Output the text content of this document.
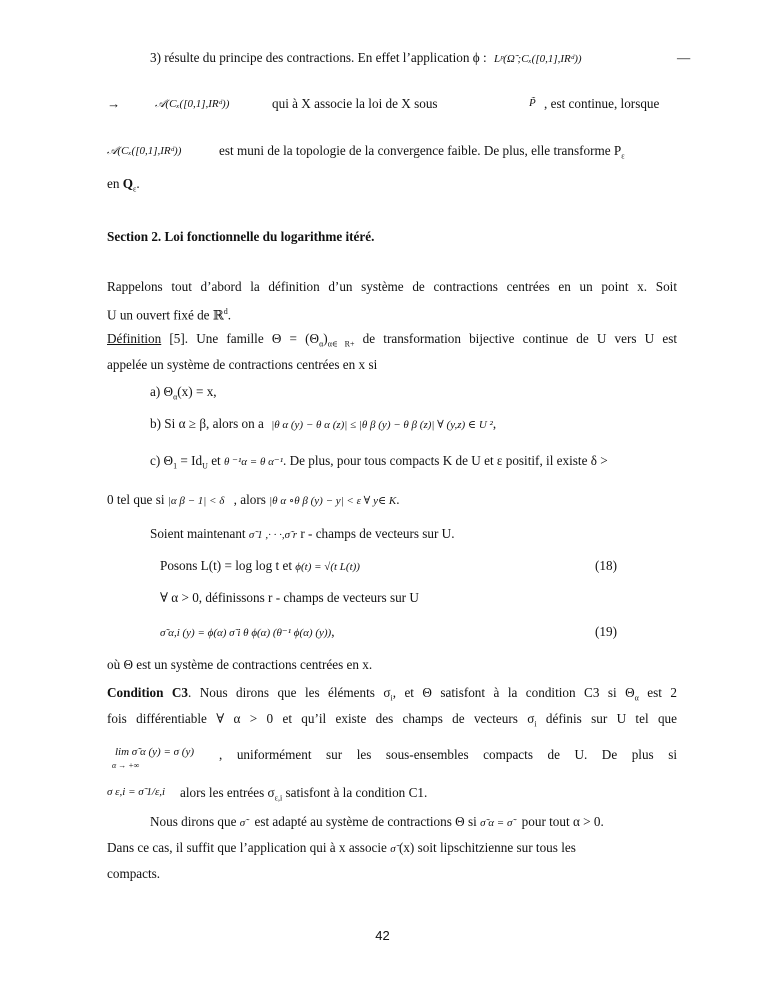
3) résulte du principe des contractions. En effet l’application ϕ : Lᵖ(Ω̃ ;Cₓ([0,1],IRᵈ))	—
→	𝒜(Cₓ([0,1],IRᵈ))	qui à X associe la loi de X sous	P̃ , est continue, lorsque
𝒜(Cₓ([0,1],IRᵈ))	est muni de la topologie de la convergence faible. De plus, elle transforme $P_\varepsilon$
en $Q_\varepsilon$.
Section 2. Loi fonctionnelle du logarithme itéré.
Rappelons tout d’abord la définition d’un système de contractions centrées en un point x. Soit
U un ouvert fixé de ℝ$^d$.
Définition [5]. Une famille $\Theta = (\Theta_\alpha)_{\alpha\in R+}$ de transformation bijective continue de U vers U est
appelée un système de contractions centrées en x si
a) $\Theta_\alpha(x) = x$,
b) Si α ≥ β, alors on a |θ α (y) − θ α (z)| ≤ |θ β (y) − θ β (z)| ∀ (y,z) ∈ U ²,
c) $\Theta_1 = Id_U$ et θ ⁻¹α = θ α⁻¹. De plus, pour tous compacts K de U et ε positif, il existe δ >
0 tel que si |α β − 1| < δ , alors |θ α ∘θ β (y) − y| < ε ∀ y∈ K.
Soient maintenant σ̃ 1 ,· · ·,σ̃ r r - champs de vecteurs sur U.
Posons L(t) = log log t et ϕ(t) = √(t L(t))	(18)
∀ α > 0, définissons r - champs de vecteurs sur U
σ̃ α,i (y) = ϕ(α) σ̃ i θ ϕ(α) (θ⁻¹ ϕ(α) (y)),	(19)
où Θ est un système de contractions centrées en x.
Condition C3. Nous dirons que les éléments $\sigma_i$, et Θ satisfont à la condition C3 si $\Theta_\alpha$ est 2
fois différentiable ∀ α > 0 et qu’il existe des champs de vecteurs $\sigma_i$ définis sur U tel que
lim σ̃ α (y) = σ (y)
α → +∞
, uniformément sur les sous-ensembles compacts de U. De plus si
σ ε,i = σ̃ 1/ε,i alors les entrées $\sigma_{\varepsilon,i}$ satisfont à la condition C1.
Nous dirons que σ̃ est adapté au système de contractions Θ si σ̃ α = σ̃ pour tout α > 0.
Dans ce cas, il suffit que l’application qui à x associe σ̃ (x) soit lipschitzienne sur tous les
compacts.
42
